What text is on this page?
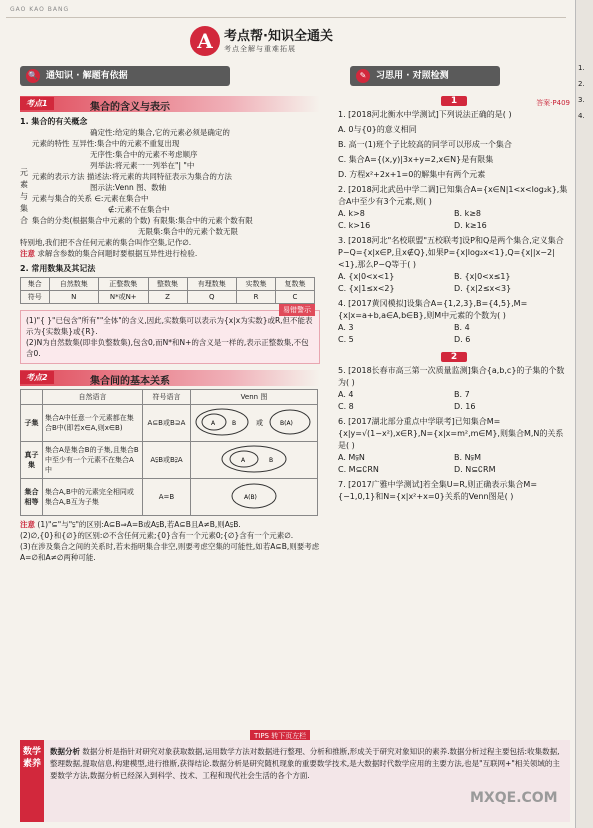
GAO KAO BANG
A 考点帮·知识全通关
考点全解与重难拓展
🔍 通知识 · 解题有依据	✎ 习思用 · 对照检测
考点1	集合的含义与表示
1. 集合的有关概念
元素与集合
确定性:给定的集合,它的元素必须是确定的
元素的特性 互异性:集合中的元素不重复出现
无序性:集合中的元素不考虑顺序
列举法:将元素一一列举在"| "中
元素的表示方法 描述法:将元素的共同特征表示为集合的方法
图示法:Venn 图、数轴
元素与集合的关系 ∈:元素在集合中
∉:元素不在集合中
集合的分类(根据集合中元素的个数) 有限集:集合中的元素个数有限
无限集:集合中的元素个数无限
特别地,我们把不含任何元素的集合叫作空集,记作∅.
注意 求解含参数的集合问题时要根据互异性进行检验.
2. 常用数集及其记法
集合	自然数集	正整数集	整数集	有理数集	实数集	复数集
符号	N	N*或N+	Z	Q	R	C
易错警示
(1)"{ }"已包含"所有""全体"的含义,因此,实数集可以表示为{x|x为实数}或R,但不能表示为{实数集}或{R}.
(2)N为自然数集(即非负整数集),包含0,而N*和N+的含义是一样的,表示正整数集,不包含0.
考点2	集合间的基本关系
	自然语言	符号语言	Venn 图
子集	集合A中任意一个元素都在集合B中(即若x∈A,则x∈B)	A⊆B或B⊇A	A B 或 B(A)

真子集	集合A是集合B的子集,且集合B中至少有一个元素不在集合A中	A⫋B或B⫌A	A B

集合相等	集合A,B中的元素完全相同或集合A,B互为子集	A=B	A(B)
注意 (1)"⊆"与"⫋"的区别:A⊆B⇒A=B或A⫋B,若A⊆B且A≠B,则A⫋B.
(2)∅,{0}和{∅}的区别:∅不含任何元素;{0}含有一个元素0;{∅}含有一个元素∅.
(3)在涉及集合之间的关系时,若未指明集合非空,则要考虑空集的可能性,如若A⊆B,则要考虑A=∅和A≠∅两种可能.
1	答案·P409
1. [2018河北衡水中学测试]下列说法正确的是( )
A. 0与{0}的意义相同
B. 高一(1)班个子比较高的同学可以形成一个集合
C. 集合A={(x,y)|3x+y=2,x∈N}是有限集
D. 方程x²+2x+1=0的解集中有两个元素
2. [2018河北武邑中学二调]已知集合A={x∈N|1<x<log₂k},集合A中至少有3个元素,则( )
A. k>8	B. k≥8
C. k>16	D. k≥16
3. [2018河北"名校联盟"五校联考]设P和Q是两个集合,定义集合P−Q={x|x∈P,且x∉Q},如果P={x|log₂x<1},Q={x||x−2|<1},那么P−Q等于( )
A. {x|0<x<1}	B. {x|0<x≤1}
C. {x|1≤x<2}	D. {x|2≤x<3}
4. [2017黄冈模拟]设集合A={1,2,3},B={4,5},M={x|x=a+b,a∈A,b∈B},则M中元素的个数为( )
A. 3	B. 4
C. 5	D. 6
2
5. [2018长春市高三第一次质量监测]集合{a,b,c}的子集的个数为( )
A. 4	B. 7
C. 8	D. 16
6. [2017湖北部分重点中学联考]已知集合M={x|y=√(1−x²),x∈R},N={x|x=m²,m∈M},则集合M,N的关系是( )
A. M⫋N	B. N⫋M
C. M⊆∁RN	D. N⊆∁RM
7. [2017广雅中学测试]若全集U=R,则正确表示集合M={−1,0,1}和N={x|x²+x=0}关系的Venn图是( )
TIPS 转下页左栏
数学素养
数据分析 数据分析是指针对研究对象获取数据,运用数学方法对数据进行整理、分析和推断,形成关于研究对象知识的素养.数据分析过程主要包括:收集数据,整理数据,提取信息,构建模型,进行推断,获得结论.数据分析是研究随机现象的重要数学技术,是大数据时代数学应用的主要方法,也是"互联网+"相关领域的主要数学方法,数据分析已经深入到科学、技术、工程和现代社会生活的各个方面.
MXQE.COM
1.
2.
3.
4.
